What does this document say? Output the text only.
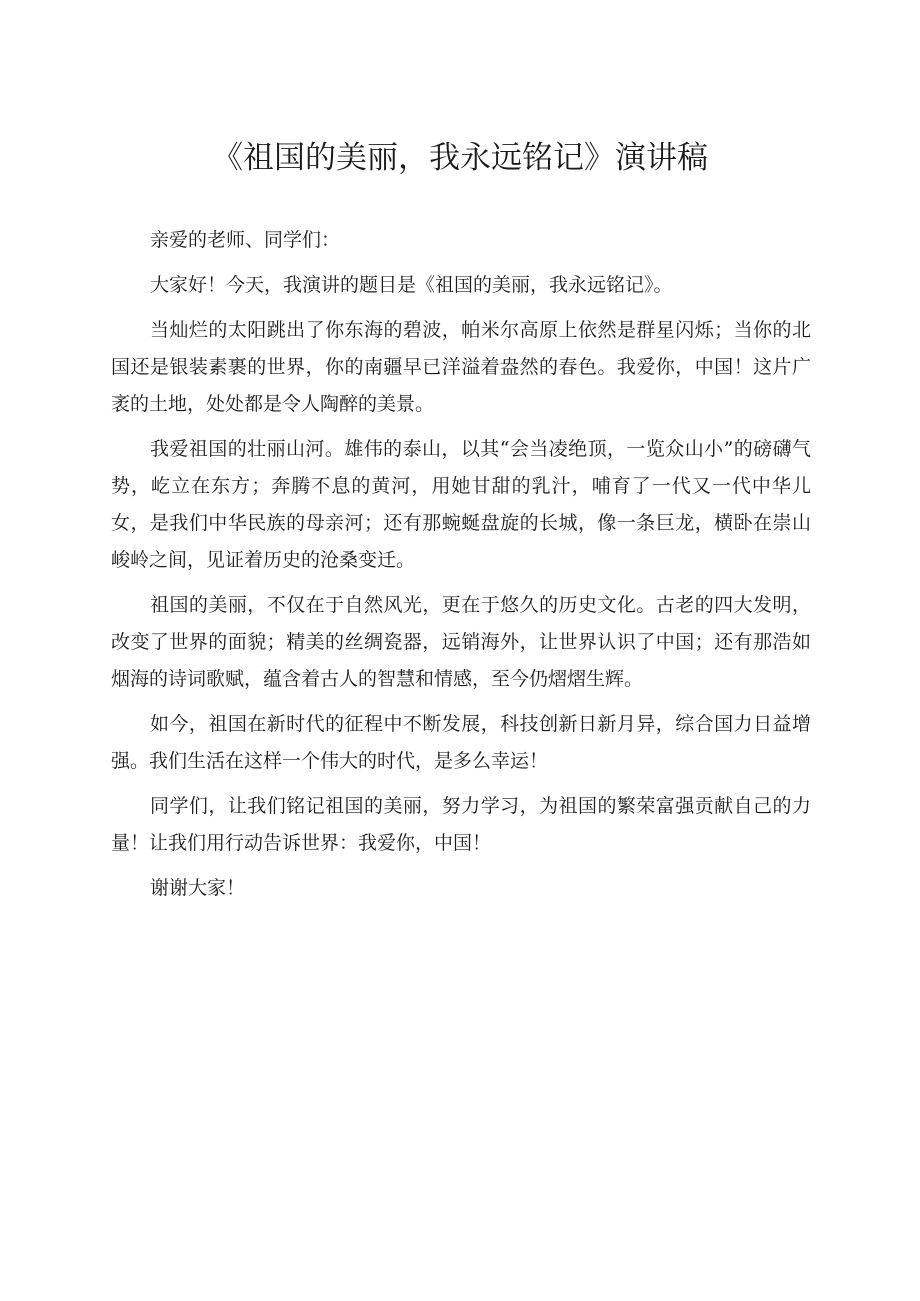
《祖国的美丽，我永远铭记》演讲稿

亲爱的老师、同学们：

大家好！今天，我演讲的题目是《祖国的美丽，我永远铭记》。

当灿烂的太阳跳出了你东海的碧波，帕米尔高原上依然是群星闪烁；当你的北国还是银装素裹的世界，你的南疆早已洋溢着盎然的春色。我爱你，中国！这片广袤的土地，处处都是令人陶醉的美景。

我爱祖国的壮丽山河。雄伟的泰山，以其“会当凌绝顶，一览众山小”的磅礴气势，屹立在东方；奔腾不息的黄河，用她甘甜的乳汁，哺育了一代又一代中华儿女，是我们中华民族的母亲河；还有那蜿蜒盘旋的长城，像一条巨龙，横卧在崇山峻岭之间，见证着历史的沧桑变迁。

祖国的美丽，不仅在于自然风光，更在于悠久的历史文化。古老的四大发明，改变了世界的面貌；精美的丝绸瓷器，远销海外，让世界认识了中国；还有那浩如烟海的诗词歌赋，蕴含着古人的智慧和情感，至今仍熠熠生辉。

如今，祖国在新时代的征程中不断发展，科技创新日新月异，综合国力日益增强。我们生活在这样一个伟大的时代，是多么幸运！

同学们，让我们铭记祖国的美丽，努力学习，为祖国的繁荣富强贡献自己的力量！让我们用行动告诉世界：我爱你，中国！

谢谢大家！
